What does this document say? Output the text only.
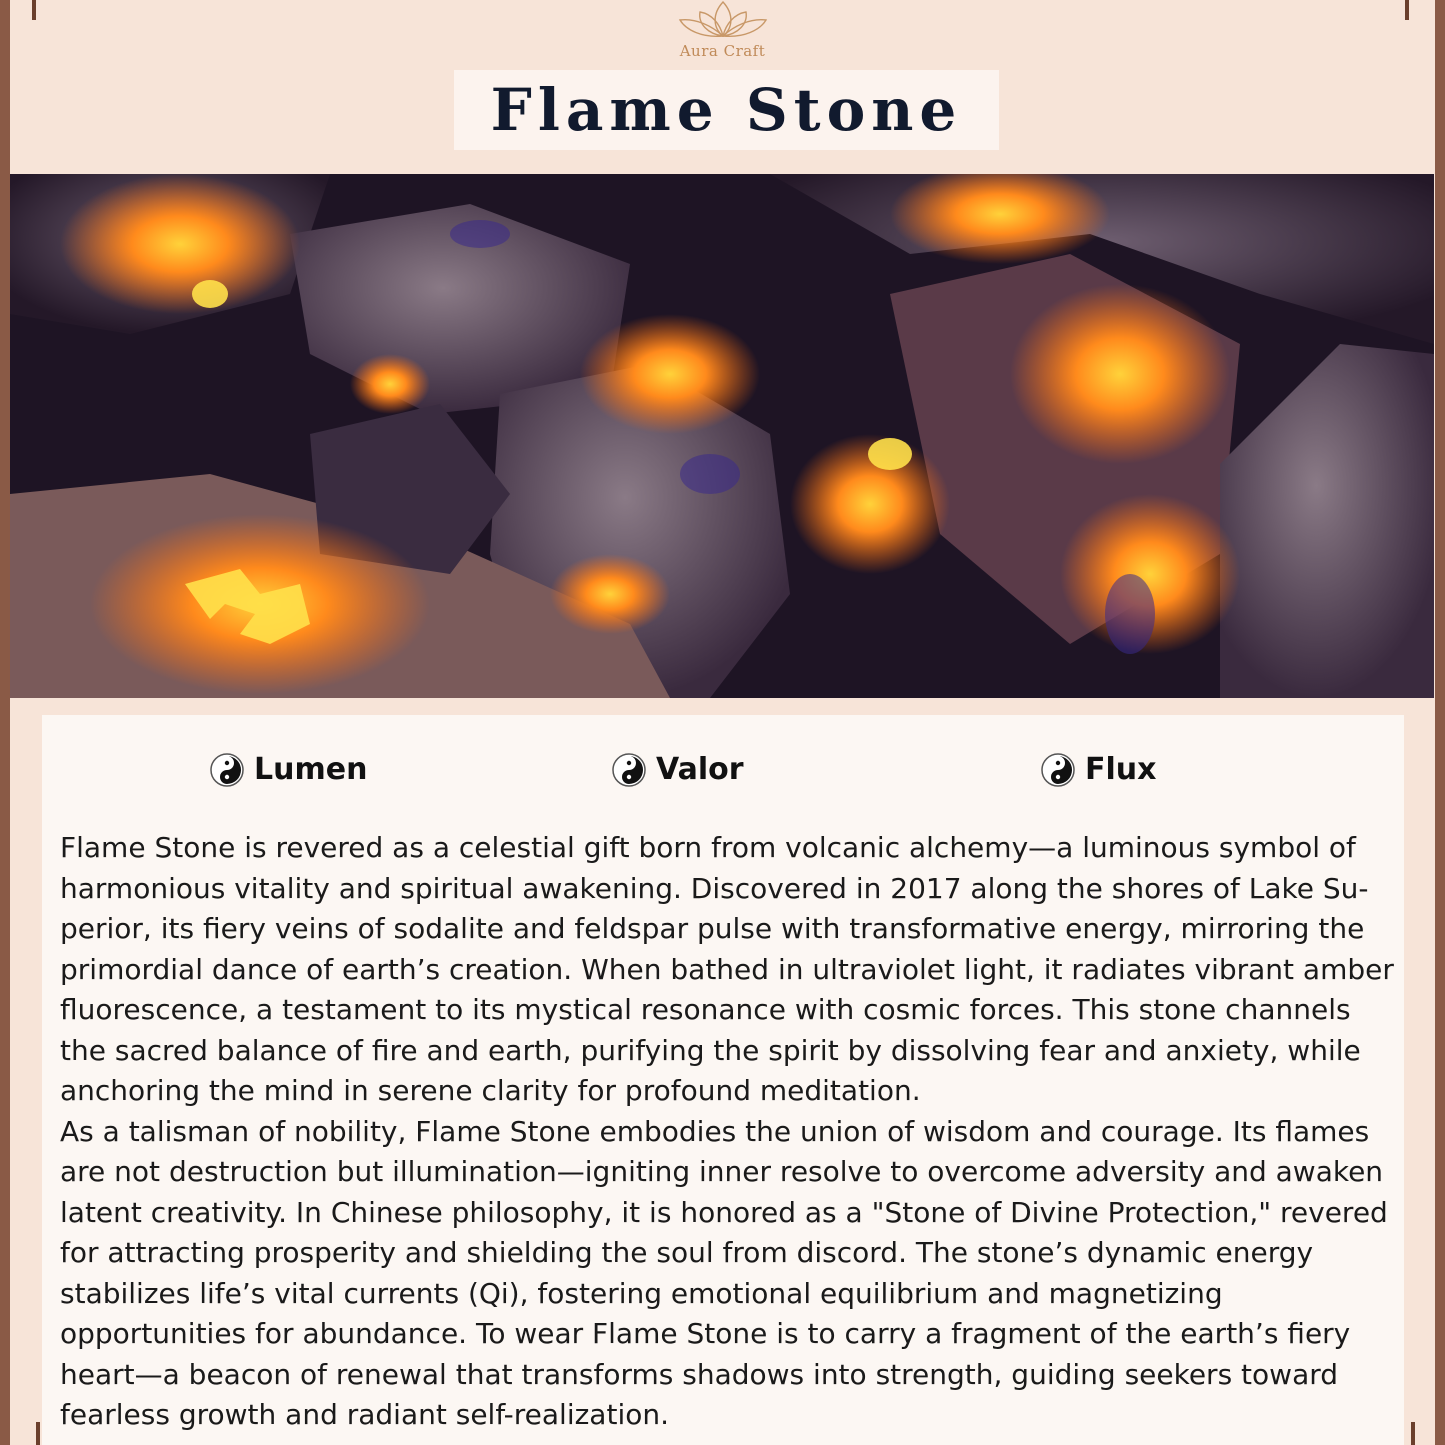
Aura Craft
Flame Stone
Lumen	Valor	Flux

Flame Stone is revered as a celestial gift born from volcanic alchemy—a luminous symbol of harmonious vitality and spiritual awakening. Discovered in 2017 along the shores of Lake Superior, its fiery veins of sodalite and feldspar pulse with transformative energy, mirroring the primordial dance of earth’s creation. When bathed in ultraviolet light, it radiates vibrant amber fluorescence, a testament to its mystical resonance with cosmic forces. This stone channels the sacred balance of fire and earth, purifying the spirit by dissolving fear and anxiety, while anchoring the mind in serene clarity for profound meditation.

As a talisman of nobility, Flame Stone embodies the union of wisdom and courage. Its flames are not destruction but illumination—igniting inner resolve to overcome adversity and awaken latent creativity. In Chinese philosophy, it is honored as a "Stone of Divine Protection," revered for attracting prosperity and shielding the soul from discord. The stone’s dynamic energy stabilizes life’s vital currents (Qi), fostering emotional equilibrium and magnetizing opportunities for abundance. To wear Flame Stone is to carry a fragment of the earth’s fiery heart—a beacon of renewal that transforms shadows into strength, guiding seekers toward fearless growth and radiant self-realization.
